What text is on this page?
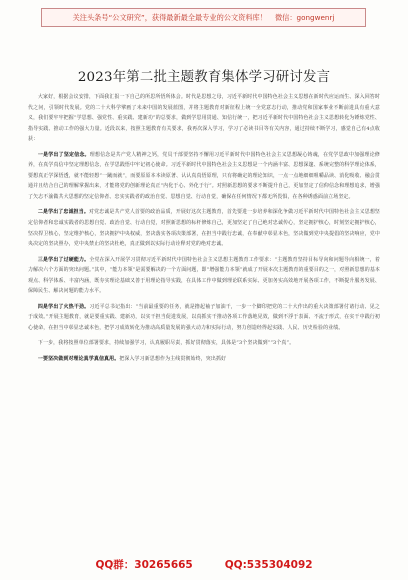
关注头条号“公文研究”，获得最新最全最专业的公文资料库！ 微信：gongwenrj
2023年第二批主题教育集体学习研讨发言

大家好，根据会议安排，下面我汇报一下自己的所思所悟所体会。时代是思想之母，习近平新时代中国特色社会主义思想在新时代应运而生、深入回答时代之问，引领时代发展。党的二十大科学擘画了未来中国的发展蓝图，并将主题教育对新征程上统一全党意志行动，推动党和国家事业不断前进具有重大意义，我们要牢牢把握“学思想、强党性、重实践、建新功”的总要求，做到学思用贯通、知信行统一，把习近平新时代中国特色社会主义思想转化为锤炼党性、指导实践、推动工作的强大力量。近段以来，按照主题教育有关要求，我再次深入学习，学习了必读书目等有关内容，通过持续不断学习，感觉自己有4点收获：

一是学出了坚定信念。理想信念是共产党人精神之钙，党员干部要坚持不懈用习近平新时代中国特色社会主义思想凝心铸魂，在党学思政中加强理论修养，在真学真信中坚定理想信念，在学思践悟中牢记初心使命。习近平新时代中国特色社会主义思想是一个内涵丰富、思想深邃、系统完整的科学理论体系，要想真正学深悟透，就不能轻想“一蹴而就”，而要原原本本读原著、认认真真悟原理，只有将确定的理论知识，一点一点地细细咀嚼品读、消化吸收、融会贯通并且结合自己的理解掌握出来，才能将党的创新理论真正“内化于心、外化于行”。对照新思想的要求不断提升自己，更加坚定了信仰信念和理想追求，增强了矢志不渝做共大思想的坚定信仰者、忠实实践者的政治自觉、思想自觉、行动自觉，确保在任何情况下都无所畏惧，在各种诱惑面前立场坚定。

二是学出了忠诚担当。对党忠诚是共产党人首要的政治品质，开展好这次主题教育，首先要进一步培养和深化争做习近平新时代中国特色社会主义思想坚定信仰者和忠诚实践者的思想自觉、政治自觉、行动自觉，对照新思想的标杆修炼自己，更加坚定了自己绝对忠诚传心，坚定拥护核心，时刻坚定拥护核心，坚决捍卫核心，坚定维护核心，坚决拥护中央权威，坚决落实各项决策部署，在担当中践行忠诚，在奉献中彰显本色，坚决做到党中央提倡的坚决响应，党中央决定的坚决照办，党中央禁止的坚决杜绝，真正做到以实际行动诠释对党的绝对忠诚。

三是学出了过硬能力。全党在深入开展学习贯彻习近平新时代中国特色社会主义思想主题教育工作要求：“主题教育坚持目标导向和问题导向相统一，着力解决六个方面的突出问题。”其中，“能力本领”是需要解决的一个方面问题，即“增强能力本领”就成了开展本次主题教育的重要目的之一，对照新思想的基本观点、科学体系、丰富内涵，既夯实理论基础又善于用理论指导实践，在具体工作中做到理论联系实际、更加务实高效地开展各项工作，不断提升服务发展、保障民生、解决问题的能力水平。

四是学出了火热干劲。习近平总书记指出：“当前最重要的任务，就是撸起袖子加油干，一步一个脚印把党的二十大作出的重大决策部署付诸行动、见之于成效。”开展主题教育，就是要重实践、建新功，以实干担当促进发展，以真抓实干推动各项工作落地见效，做到不浮于表面、不流于形式，在实干中践行初心使命，在担当中彰显忠诚本色，把学习成效转化为推动高质量发展的强大动力和实际行动，努力创造经得起实践、人民、历史检验的业绩。

下一步，我将按照单位部署要求，持续加强学习，认真履职尽责，抓好贯彻落实，具体是“3个坚决做到”“3个真”。

一要坚决做到对理论真学真信真用。把深入学习新思想作为主线贯彻始终，突出抓好

QQ群：30265665	QQ:535304092
